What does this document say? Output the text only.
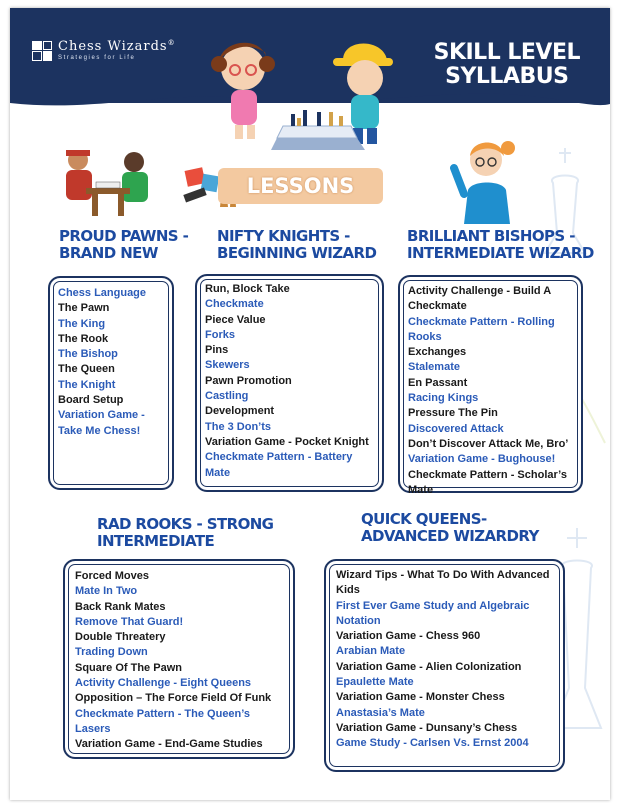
Chess Wizards®
Strategies for Life	SKILL LEVEL
SYLLABUS
LESSONS
PROUD PAWNS -
BRAND NEW
NIFTY KNIGHTS -
BEGINNING WIZARD
BRILLIANT BISHOPS -
INTERMEDIATE WIZARD
RAD ROOKS - STRONG
INTERMEDIATE
QUICK QUEENS-
ADVANCED WIZARDRY
Chess Language
The Pawn
The King
The Rook
The Bishop
The Queen
The Knight
Board Setup
Variation Game -
Take Me Chess!
Run, Block Take
Checkmate
Piece Value
Forks
Pins
Skewers
Pawn Promotion
Castling
Development
The 3 Don’ts
Variation Game - Pocket Knight
Checkmate Pattern - Battery
Mate
Activity Challenge - Build A
Checkmate
Checkmate Pattern - Rolling
Rooks
Exchanges
Stalemate
En Passant
Racing Kings
Pressure The Pin
Discovered Attack
Don’t Discover Attack Me, Bro’
Variation Game - Bughouse!
Checkmate Pattern - Scholar’s
Mate
Forced Moves
Mate In Two
Back Rank Mates
Remove That Guard!
Double Threatery
Trading Down
Square Of The Pawn
Activity Challenge - Eight Queens
Opposition – The Force Field Of Funk
Checkmate Pattern - The Queen’s
Lasers
Variation Game - End-Game Studies
Wizard Tips - What To Do With Advanced
Kids
First Ever Game Study and Algebraic
Notation
Variation Game - Chess 960
Arabian Mate
Variation Game - Alien Colonization
Epaulette Mate
Variation Game - Monster Chess
Anastasia’s Mate
Variation Game - Dunsany’s Chess
Game Study - Carlsen Vs. Ernst 2004
